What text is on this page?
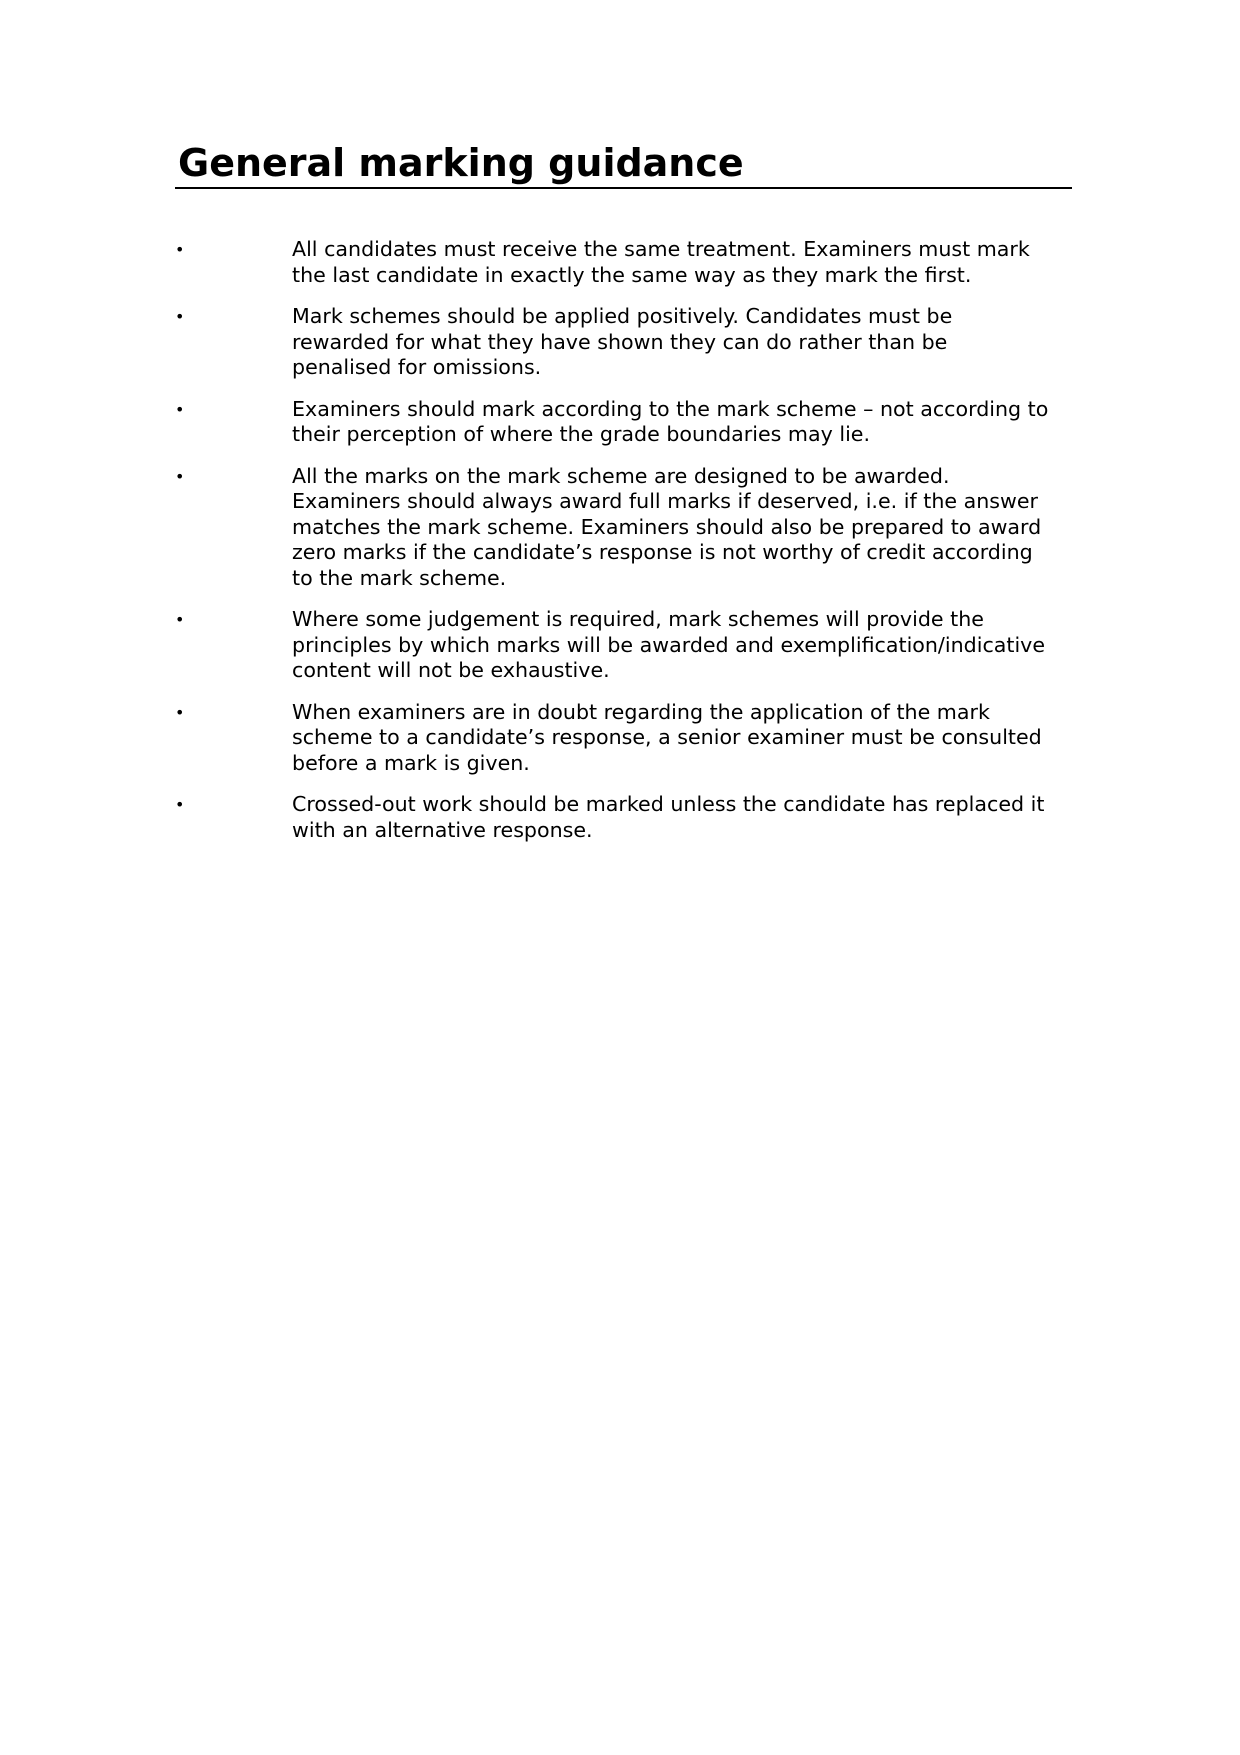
General marking guidance
•	All candidates must receive the same treatment. Examiners must mark
the last candidate in exactly the same way as they mark the first.
•	Mark schemes should be applied positively. Candidates must be
rewarded for what they have shown they can do rather than be
penalised for omissions.
•	Examiners should mark according to the mark scheme – not according to
their perception of where the grade boundaries may lie.
•	All the marks on the mark scheme are designed to be awarded.
Examiners should always award full marks if deserved, i.e. if the answer
matches the mark scheme. Examiners should also be prepared to award
zero marks if the candidate’s response is not worthy of credit according
to the mark scheme.
•	Where some judgement is required, mark schemes will provide the
principles by which marks will be awarded and exemplification/indicative
content will not be exhaustive.
•	When examiners are in doubt regarding the application of the mark
scheme to a candidate’s response, a senior examiner must be consulted
before a mark is given.
•	Crossed-out work should be marked unless the candidate has replaced it
with an alternative response.
